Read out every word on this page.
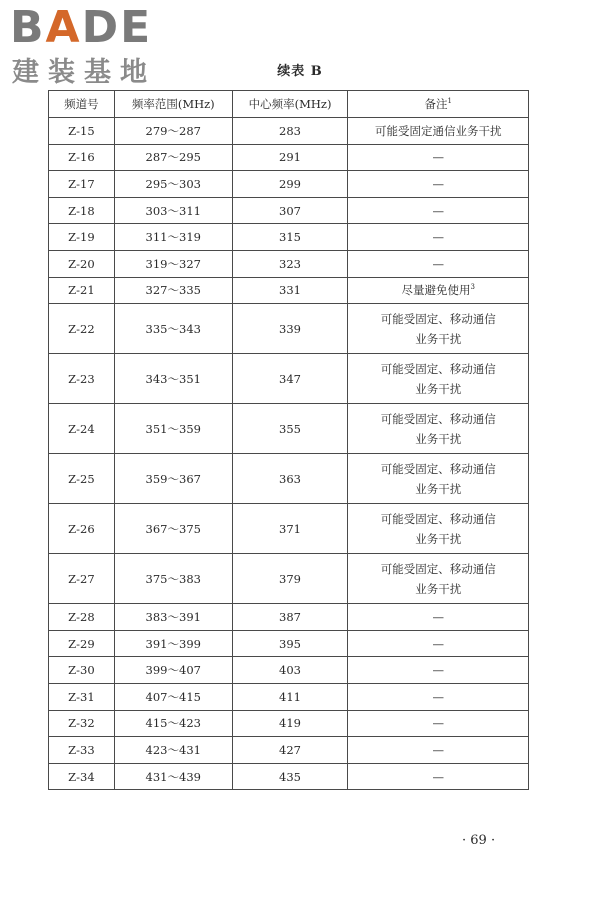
BADE
建装基地	续表 B
频道号	频率范围(MHz)	中心频率(MHz)	备注$^1$
Z-15	279～287	283	可能受固定通信业务干扰
Z-16	287～295	291	—
Z-17	295～303	299	—
Z-18	303～311	307	—
Z-19	311～319	315	—
Z-20	319～327	323	—
Z-21	327～335	331	尽量避免使用$^3$
Z-22	335～343	339	可能受固定、移动通信
业务干扰
Z-23	343～351	347	可能受固定、移动通信
业务干扰
Z-24	351～359	355	可能受固定、移动通信
业务干扰
Z-25	359～367	363	可能受固定、移动通信
业务干扰
Z-26	367～375	371	可能受固定、移动通信
业务干扰
Z-27	375～383	379	可能受固定、移动通信
业务干扰
Z-28	383～391	387	—
Z-29	391～399	395	—
Z-30	399～407	403	—
Z-31	407～415	411	—
Z-32	415～423	419	—
Z-33	423～431	427	—
Z-34	431～439	435	—
· 69 ·
